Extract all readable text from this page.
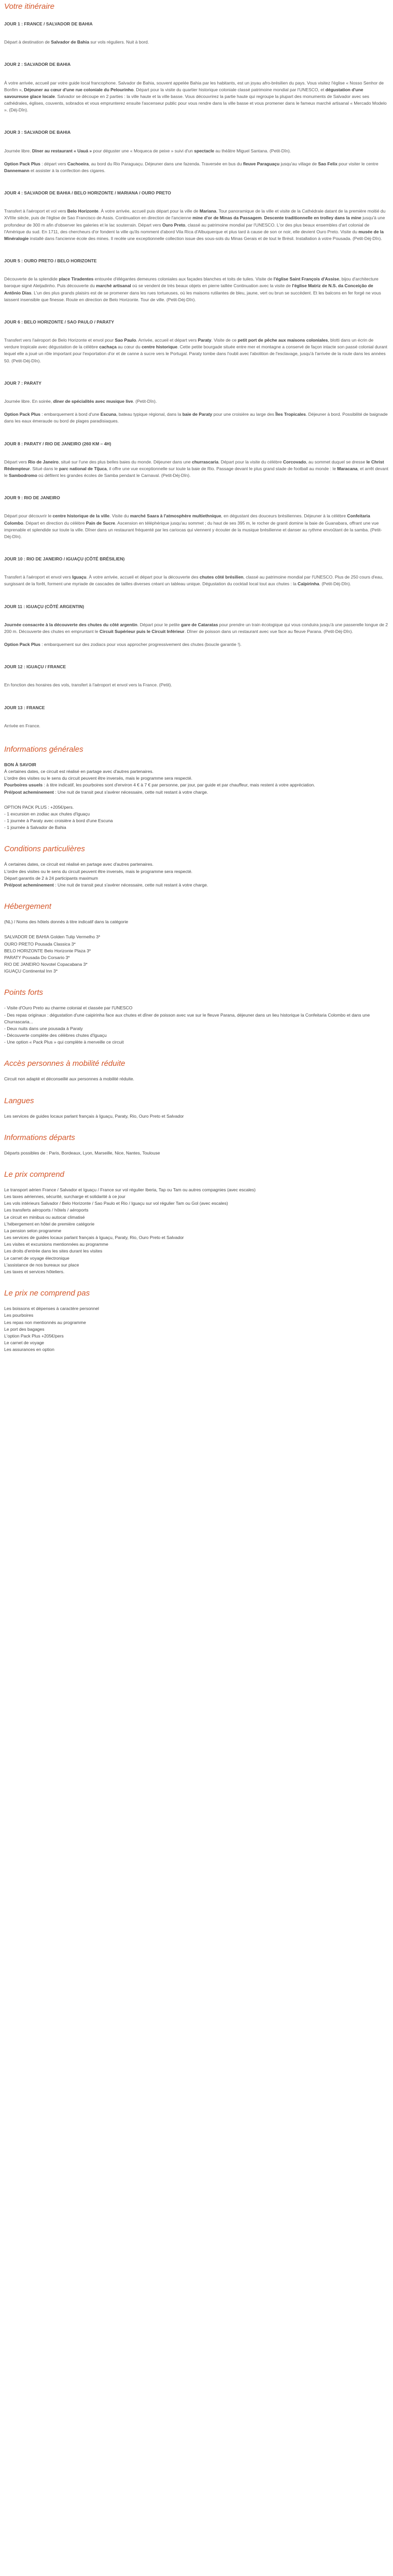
Votre itinéraire
JOUR 1 : FRANCE / SALVADOR DE BAHIA

Départ à destination de Salvador de Bahia sur vols réguliers. Nuit à bord.

JOUR 2 : SALVADOR DE BAHIA

À votre arrivée, accueil par votre guide local francophone. Salvador de Bahia, souvent appelée Bahia par les habitants, est un joyau afro-brésilien du pays. Vous visitez l'église « Nosso Senhor de Bonfim », Déjeuner au cœur d'une rue coloniale du Pelourinho. Départ pour la visite du quartier historique coloniale classé patrimoine mondial par l'UNESCO, et dégustation d'une savoureuse glace locale. Salvador se découpe en 2 parties : la ville haute et la ville basse. Vous découvrirez la partie haute qui regroupe la plupart des monuments de Salvador avec ses cathédrales, églises, couvents, sobrados et vous emprunterez ensuite l'ascenseur public pour vous rendre dans la ville basse et vous promener dans le fameux marché artisanal « Mercado Modelo ». (Déj-Dîn).

JOUR 3 : SALVADOR DE BAHIA

Journée libre. Dîner au restaurant « Uauá » pour déguster une « Moqueca de peixe » suivi d'un spectacle au théâtre Miguel Santana. (Petit-Dîn).

Option Pack Plus : départ vers Cachoeira, au bord du Rio Paraguaçu. Déjeuner dans une fazenda. Traversée en bus du fleuve Paraguaçu jusqu'au village de Sao Felix pour visiter le centre Dannemann et assister à la confection des cigares.

JOUR 4 : SALVADOR DE BAHIA / BELO HORIZONTE / MARIANA / OURO PRETO

Transfert à l'aéroport et vol vers Belo Horizonte. À votre arrivée, accueil puis départ pour la ville de Mariana. Tour panoramique de la ville et visite de la Cathédrale datant de la première moitié du XVIIIe siècle, puis de l'église de Sao Francisco de Assis. Continuation en direction de l'ancienne mine d'or de Minas da Passagem. Descente traditionnelle en trolley dans la mine jusqu'à une profondeur de 300 m afin d'observer les galeries et le lac souterrain. Départ vers Ouro Preto, classé au patrimoine mondial par l'UNESCO. L'or des plus beaux ensembles d'art colonial de l'Amérique du sud. En 1711, des chercheurs d'or fondent la ville qu'ils nomment d'abord Vila Rica d'Albuquerque et plus tard à cause de son or noir, elle devient Ouro Preto. Visite du musée de la Minéralogie installé dans l'ancienne école des mines. Il recèle une exceptionnelle collection issue des sous-sols du Minas Gerais et de tout le Brésil. Installation à votre Pousada. (Petit-Déj-Dîn).

JOUR 5 : OURO PRETO / BELO HORIZONTE

Découverte de la splendide place Tiradentes entourée d'élégantes demeures coloniales aux façades blanches et toits de tuiles. Visite de l'église Saint François d'Assise, bijou d'architecture baroque signé Aleijadinho. Puis découverte du marché artisanal où se vendent de très beaux objets en pierre taillée Continuation avec la visite de l'église Matriz de N.S. da Conceição de Antônio Dias. L'un des plus grands plaisirs est de se promener dans les rues tortueuses, où les maisons rutilantes de bleu, jaune, vert ou brun se succèdent. Et les balcons en fer forgé ne vous laissent insensible que finesse. Route en direction de Belo Horizonte. Tour de ville. (Petit-Déj-Dîn).

JOUR 6 : BELO HORIZONTE / SAO PAULO / PARATY

Transfert vers l'aéroport de Belo Horizonte et envol pour Sao Paulo. Arrivée, accueil et départ vers Paraty. Visite de ce petit port de pêche aux maisons coloniales, blotti dans un écrin de verdure tropicale avec dégustation de la célèbre cachaça au cœur du centre historique. Cette petite bourgade située entre mer et montagne a conservé de façon intacte son passé colonial durant lequel elle a joué un rôle important pour l'exportation d'or et de canne à sucre vers le Portugal. Paraty tombe dans l'oubli avec l'abolition de l'esclavage, jusqu'à l'arrivée de la route dans les années 50. (Petit-Déj-Dîn).

JOUR 7 : PARATY

Journée libre. En soirée, dîner de spécialités avec musique live. (Petit-Dîn).

Option Pack Plus : embarquement à bord d'une Escuna, bateau typique régional, dans la baie de Paraty pour une croisière au large des Îles Tropicales. Déjeuner à bord. Possibilité de baignade dans les eaux émeraude ou bord de plages paradisiaques.

JOUR 8 : PARATY / RIO DE JANEIRO (260 KM – 4H)

Départ vers Rio de Janeiro, situé sur l'une des plus belles baies du monde. Déjeuner dans une churrascaria. Départ pour la visite du célèbre Corcovado, au sommet duquel se dresse le Christ Rédempteur. Situé dans le parc national de Tijuca, il offre une vue exceptionnelle sur toute la baie de Rio. Passage devant le plus grand stade de football au monde : le Maracana, et arrêt devant le Sambodromo où défilent les grandes écoles de Samba pendant le Carnaval. (Petit-Déj-Dîn).

JOUR 9 : RIO DE JANEIRO

Départ pour découvrir le centre historique de la ville. Visite du marché Saara à l'atmosphère multiethnique, en dégustant des douceurs brésiliennes. Déjeuner à la célèbre Confeitaria Colombo. Départ en direction du célèbre Pain de Sucre. Ascension en téléphérique jusqu'au sommet ; du haut de ses 395 m, le rocher de granit domine la baie de Guanabara, offrant une vue imprenable et splendide sur toute la ville. Dîner dans un restaurant fréquenté par les cariocas qui viennent y écouter de la musique brésilienne et danser au rythme envoûtant de la samba. (Petit-Déj-Dîn).

JOUR 10 : RIO DE JANEIRO / IGUAÇU (CÔTÉ BRÉSILIEN)

Transfert à l'aéroport et envol vers Iguaçu. À votre arrivée, accueil et départ pour la découverte des chutes côté brésilien, classé au patrimoine mondial par l'UNESCO. Plus de 250 cours d'eau, surgissant de la forêt, forment une myriade de cascades de tailles diverses créant un tableau unique. Dégustation du cocktail local tout aux chutes : la Caïpirinha. (Petit-Déj-Dîn).

JOUR 11 : IGUAÇU (CÔTÉ ARGENTIN)

Journée consacrée à la découverte des chutes du côté argentin. Départ pour le petite gare de Cataratas pour prendre un train écologique qui vous conduira jusqu'à une passerelle longue de 2 200 m. Découverte des chutes en empruntant le Circuit Supérieur puis le Circuit Inférieur. Dîner de poisson dans un restaurant avec vue face au fleuve Parana. (Petit-Déj-Dîn).

Option Pack Plus : embarquement sur des zodiacs pour vous approcher progressivement des chutes (boucle garantie !).

JOUR 12 : IGUAÇU / FRANCE

En fonction des horaires des vols, transfert à l'aéroport et envol vers la France. (Petit).

JOUR 13 : FRANCE

Arrivée en France.

Informations générales
BON À SAVOIR
À certaines dates, ce circuit est réalisé en partage avec d'autres partenaires.
L'ordre des visites ou le sens du circuit peuvent être inversés, mais le programme sera respecté.
Pourboires usuels : à titre indicatif, les pourboires sont d'environ 4 € à 7 € par personne, par jour, par guide et par chauffeur, mais restent à votre appréciation.
Pré/post acheminement : Une nuit de transit peut s'avérer nécessaire, cette nuit restant à votre charge.
OPTION PACK PLUS : +205€/pers.
- 1 excursion en zodiac aux chutes d'Iguaçu
- 1 journée à Paraty avec croisière à bord d'une Escuna
- 1 journée à Salvador de Bahia
Conditions particulières
À certaines dates, ce circuit est réalisé en partage avec d'autres partenaires.
L'ordre des visites ou le sens du circuit peuvent être inversés, mais le programme sera respecté.
Départ garantis de 2 à 24 participants maximum
Pré/post acheminement : Une nuit de transit peut s'avérer nécessaire, cette nuit restant à votre charge.
Hébergement
(NL) / Noms des hôtels donnés à titre indicatif dans la catégorie
SALVADOR DE BAHIA Golden Tulip Vermelho 3*
OURO PRETO Pousada Classica 3*
BELO HORIZONTE Belo Horizonte Plaza 3*
PARATY Pousada Do Corsario 3*
RIO DE JANEIRO Novotel Copacabana 3*
IGUAÇU Continental Inn 3*
Points forts
- Visite d'Ouro Preto au charme colonial et classée par l'UNESCO
- Des repas originaux : dégustation d'une caipirinha face aux chutes et dîner de poisson avec vue sur le fleuve Parana, déjeuner dans un lieu historique la Confeitaria Colombo et dans une Churrascaria...
- Deux nuits dans une pousada à Paraty
- Découverte complète des célèbres chutes d'Iguaçu
- Une option « Pack Plus » qui complète à merveille ce circuit
Accès personnes à mobilité réduite
Circuit non adapté et déconseillé aux personnes à mobilité réduite.
Langues
Les services de guides locaux parlant français à Iguaçu, Paraty, Rio, Ouro Preto et Salvador
Informations départs
Départs possibles de : Paris, Bordeaux, Lyon, Marseille, Nice, Nantes, Toulouse
Le prix comprend
Le transport aérien France / Salvador et Iguaçu / France sur vol régulier Iberia, Tap ou Tam ou autres compagnies (avec escales)
Les taxes aériennes, sécurité, surcharge et solidarité à ce jour
Les vols intérieurs Salvador / Belo Horizonte / Sao Paulo et Rio / Iguaçu sur vol régulier Tam ou Gol (avec escales)
Les transferts aéroports / hôtels / aéroports
Le circuit en minibus ou autocar climatisé
L'hébergement en hôtel de première catégorie
La pension selon programme
Les services de guides locaux parlant français à Iguaçu, Paraty, Rio, Ouro Preto et Salvador
Les visites et excursions mentionnées au programme
Les droits d'entrée dans les sites durant les visites
Le carnet de voyage électronique
L'assistance de nos bureaux sur place
Les taxes et services hôteliers.
Le prix ne comprend pas
Les boissons et dépenses à caractère personnel
Les pourboires
Les repas non mentionnés au programme
Le port des bagages
L'option Pack Plus +205€/pers
Le carnet de voyage
Les assurances en option
